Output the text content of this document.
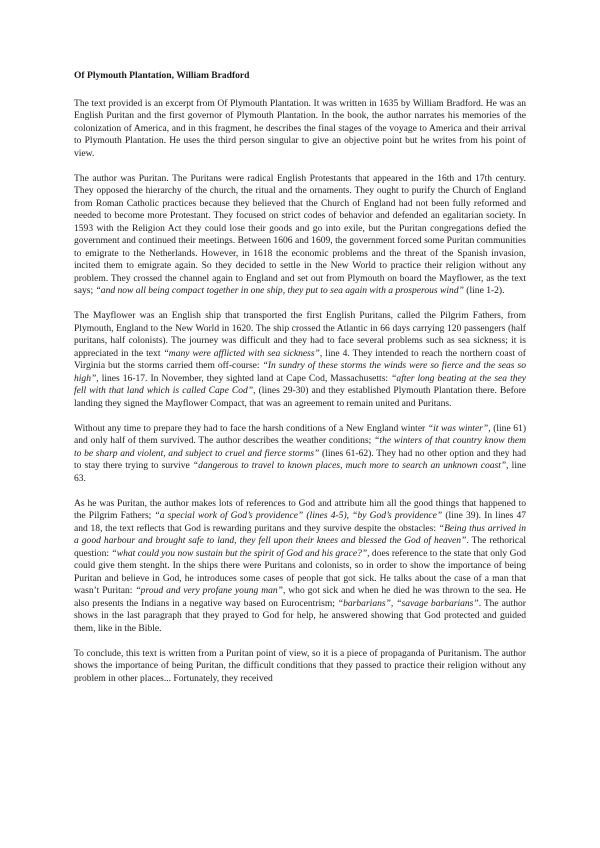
Of Plymouth Plantation, William Bradford

The text provided is an excerpt from Of Plymouth Plantation. It was written in 1635 by William Bradford. He was an English Puritan and the first governor of Plymouth Plantation. In the book, the author narrates his memories of the colonization of America, and in this fragment, he describes the final stages of the voyage to America and their arrival to Plymouth Plantation. He uses the third person singular to give an objective point but he writes from his point of view.

The author was Puritan. The Puritans were radical English Protestants that appeared in the 16th and 17th century. They opposed the hierarchy of the church, the ritual and the ornaments. They ought to purify the Church of England from Roman Catholic practices because they believed that the Church of England had not been fully reformed and needed to become more Protestant. They focused on strict codes of behavior and defended an egalitarian society. In 1593 with the Religion Act they could lose their goods and go into exile, but the Puritan congregations defied the government and continued their meetings. Between 1606 and 1609, the government forced some Puritan communities to emigrate to the Netherlands. However, in 1618 the economic problems and the threat of the Spanish invasion, incited them to emigrate again. So they decided to settle in the New World to practice their religion without any problem. They crossed the channel again to England and set out from Plymouth on board the Mayflower, as the text says; “and now all being compact together in one ship, they put to sea again with a prosperous wind” (line 1-2).

The Mayflower was an English ship that transported the first English Puritans, called the Pilgrim Fathers, from Plymouth, England to the New World in 1620. The ship crossed the Atlantic in 66 days carrying 120 passengers (half puritans, half colonists). The journey was difficult and they had to face several problems such as sea sickness; it is appreciated in the text “many were afflicted with sea sickness”, line 4. They intended to reach the northern coast of Virginia but the storms carried them off-course: “In sundry of these storms the winds were so fierce and the seas so high”, lines 16-17. In November, they sighted land at Cape Cod, Massachusetts: “after long beating at the sea they fell with that land which is called Cape Cod”, (lines 29-30) and they established Plymouth Plantation there. Before landing they signed the Mayflower Compact, that was an agreement to remain united and Puritans.

Without any time to prepare they had to face the harsh conditions of a New England winter “it was winter”, (line 61) and only half of them survived. The author describes the weather conditions; “the winters of that country know them to be sharp and violent, and subject to cruel and fierce storms” (lines 61-62). They had no other option and they had to stay there trying to survive “dangerous to travel to known places, much more to search an unknown coast”, line 63.

As he was Puritan, the author makes lots of references to God and attribute him all the good things that happened to the Pilgrim Fathers; “a special work of God’s providence” (lines 4-5), “by God’s providence” (line 39). In lines 47 and 18, the text reflects that God is rewarding puritans and they survive despite the obstacles: “Being thus arrived in a good harbour and brought safe to land, they fell upon their knees and blessed the God of heaven”. The rethorical question: “what could you now sustain but the spirit of God and his grace?”, does reference to the state that only God could give them stenght. In the ships there were Puritans and colonists, so in order to show the importance of being Puritan and believe in God, he introduces some cases of people that got sick. He talks about the case of a man that wasn’t Puritan: “proud and very profane young man”, who got sick and when he died he was thrown to the sea. He also presents the Indians in a negative way based on Eurocentrism; “barbarians”, “savage barbarians”. The author shows in the last paragraph that they prayed to God for help, he answered showing that God protected and guided them, like in the Bible.

To conclude, this text is written from a Puritan point of view, so it is a piece of propaganda of Puritanism. The author shows the importance of being Puritan, the difficult conditions that they passed to practice their religion without any problem in other places... Fortunately, they received
